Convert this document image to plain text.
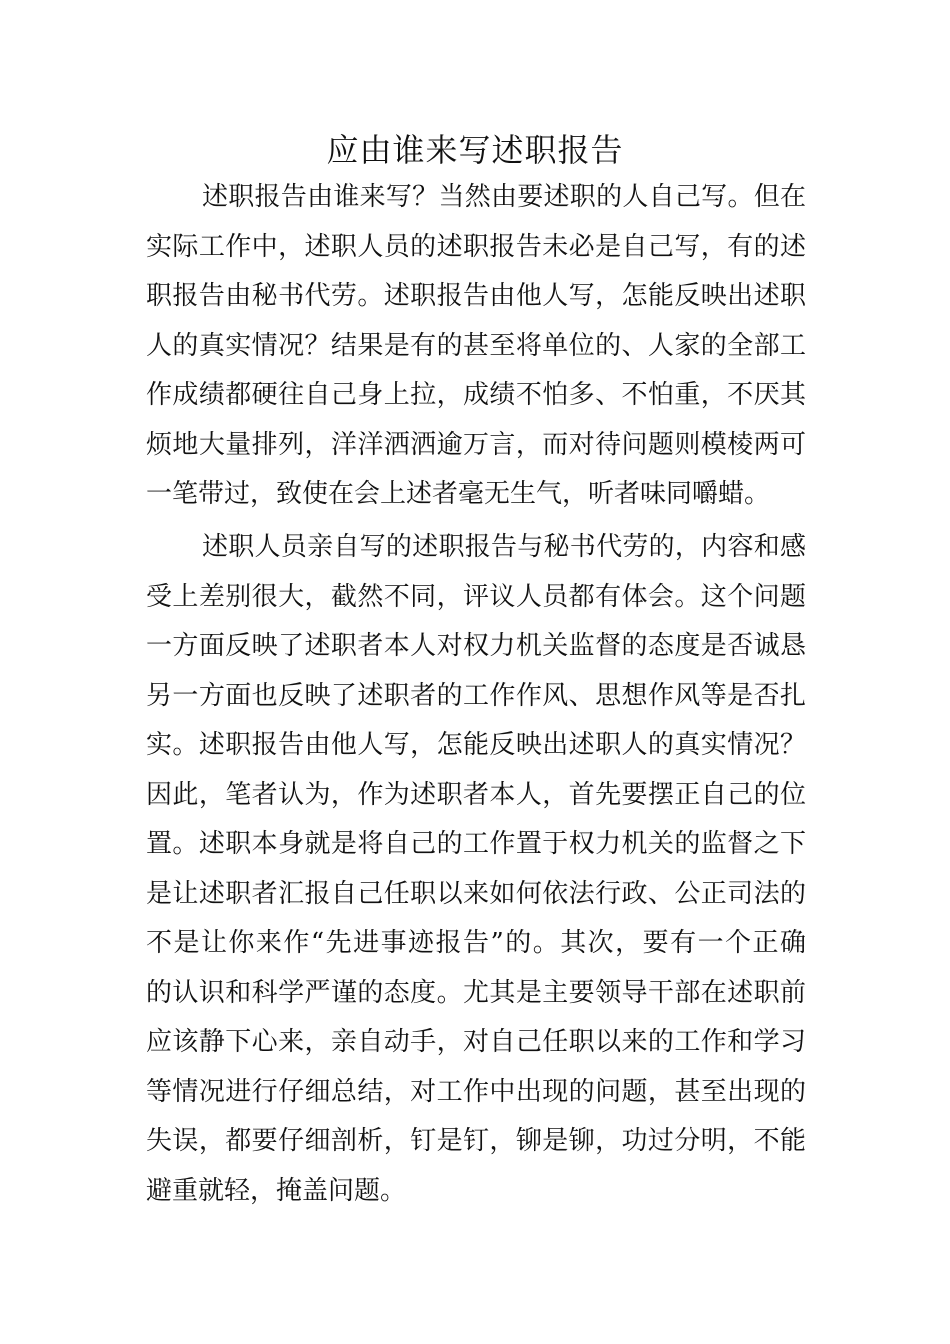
应由谁来写述职报告
述职报告由谁来写？当然由要述职的人自己写。但在
实际工作中，述职人员的述职报告未必是自己写，有的述
职报告由秘书代劳。述职报告由他人写，怎能反映出述职
人的真实情况？结果是有的甚至将单位的、人家的全部工
作成绩都硬往自己身上拉，成绩不怕多、不怕重，不厌其
烦地大量排列，洋洋洒洒逾万言，而对待问题则模棱两可
一笔带过，致使在会上述者毫无生气，听者味同嚼蜡。
述职人员亲自写的述职报告与秘书代劳的，内容和感
受上差别很大，截然不同，评议人员都有体会。这个问题
一方面反映了述职者本人对权力机关监督的态度是否诚恳
另一方面也反映了述职者的工作作风、思想作风等是否扎
实。述职报告由他人写，怎能反映出述职人的真实情况？
因此，笔者认为，作为述职者本人，首先要摆正自己的位
置。述职本身就是将自己的工作置于权力机关的监督之下
是让述职者汇报自己任职以来如何依法行政、公正司法的
不是让你来作“先进事迹报告”的。其次，要有一个正确
的认识和科学严谨的态度。尤其是主要领导干部在述职前
应该静下心来，亲自动手，对自己任职以来的工作和学习
等情况进行仔细总结，对工作中出现的问题，甚至出现的
失误，都要仔细剖析，钉是钉，铆是铆，功过分明，不能
避重就轻，掩盖问题。
